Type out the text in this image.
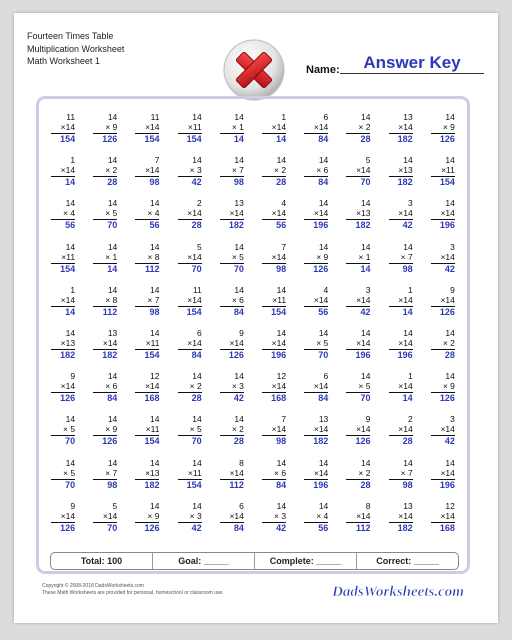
Fourteen Times Table
Multiplication Worksheet
Math Worksheet 1
Name:	Answer Key
11
×14
154
14
× 9
126
11
×14
154
14
×11
154
14
× 1
14
1
×14
14
6
×14
84
14
× 2
28
13
×14
182
14
× 9
126
1
×14
14
14
× 2
28
7
×14
98
14
× 3
42
14
× 7
98
14
× 2
28
14
× 6
84
5
×14
70
14
×13
182
14
×11
154
14
× 4
56
14
× 5
70
14
× 4
56
2
×14
28
13
×14
182
4
×14
56
14
×14
196
14
×13
182
3
×14
42
14
×14
196
14
×11
154
14
× 1
14
14
× 8
112
5
×14
70
14
× 5
70
7
×14
98
14
× 9
126
14
× 1
14
14
× 7
98
3
×14
42
1
×14
14
14
× 8
112
14
× 7
98
11
×14
154
14
× 6
84
14
×11
154
4
×14
56
3
×14
42
1
×14
14
9
×14
126
14
×13
182
13
×14
182
14
×11
154
6
×14
84
9
×14
126
14
×14
196
14
× 5
70
14
×14
196
14
×14
196
14
× 2
28
9
×14
126
14
× 6
84
12
×14
168
14
× 2
28
14
× 3
42
12
×14
168
6
×14
84
14
× 5
70
1
×14
14
14
× 9
126
14
× 5
70
14
× 9
126
14
×11
154
14
× 5
70
14
× 2
28
7
×14
98
13
×14
182
9
×14
126
2
×14
28
3
×14
42
14
× 5
70
14
× 7
98
14
×13
182
14
×11
154
8
×14
112
14
× 6
84
14
×14
196
14
× 2
28
14
× 7
98
14
×14
196
9
×14
126
5
×14
70
14
× 9
126
14
× 3
42
6
×14
84
14
× 3
42
14
× 4
56
8
×14
112
13
×14
182
12
×14
168
Total: 100	Goal: _____	Complete: _____	Correct: _____
Copyright © 2008-2018 DadsWorksheets.com
These Math Worksheets are provided for personal, homeschool or classroom use.	DadsWorksheets.com
